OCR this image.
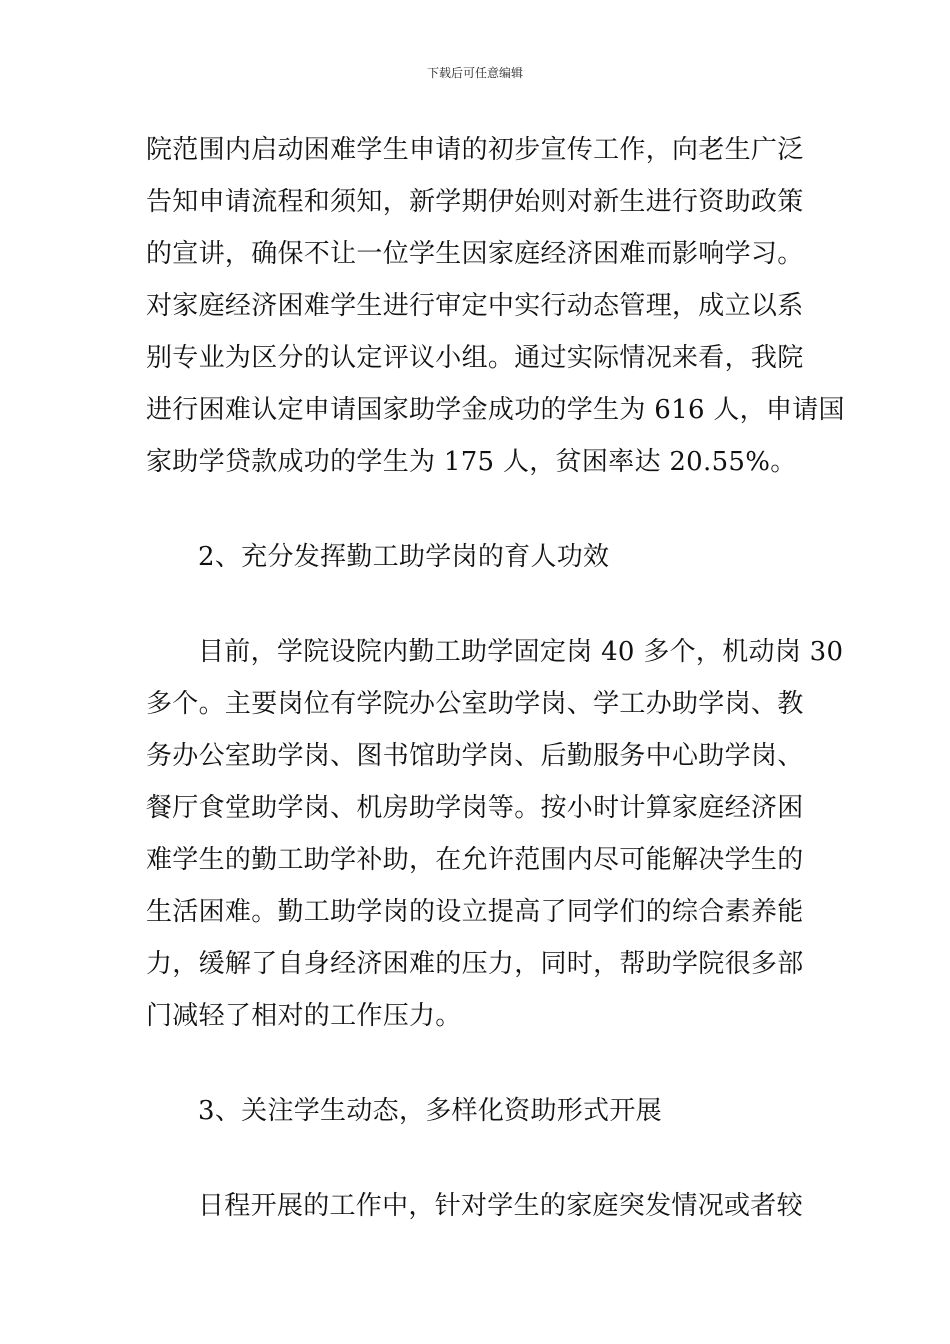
下载后可任意编辑
院范围内启动困难学生申请的初步宣传工作，向老生广泛
告知申请流程和须知，新学期伊始则对新生进行资助政策
的宣讲，确保不让一位学生因家庭经济困难而影响学习。
对家庭经济困难学生进行审定中实行动态管理，成立以系
别专业为区分的认定评议小组。通过实际情况来看，我院
进行困难认定申请国家助学金成功的学生为 616 人，申请国
家助学贷款成功的学生为 175 人，贫困率达 20.55%。
2、充分发挥勤工助学岗的育人功效
目前，学院设院内勤工助学固定岗 40 多个，机动岗 30
多个。主要岗位有学院办公室助学岗、学工办助学岗、教
务办公室助学岗、图书馆助学岗、后勤服务中心助学岗、
餐厅食堂助学岗、机房助学岗等。按小时计算家庭经济困
难学生的勤工助学补助，在允许范围内尽可能解决学生的
生活困难。勤工助学岗的设立提高了同学们的综合素养能
力，缓解了自身经济困难的压力，同时，帮助学院很多部
门减轻了相对的工作压力。
3、关注学生动态，多样化资助形式开展
日程开展的工作中，针对学生的家庭突发情况或者较
